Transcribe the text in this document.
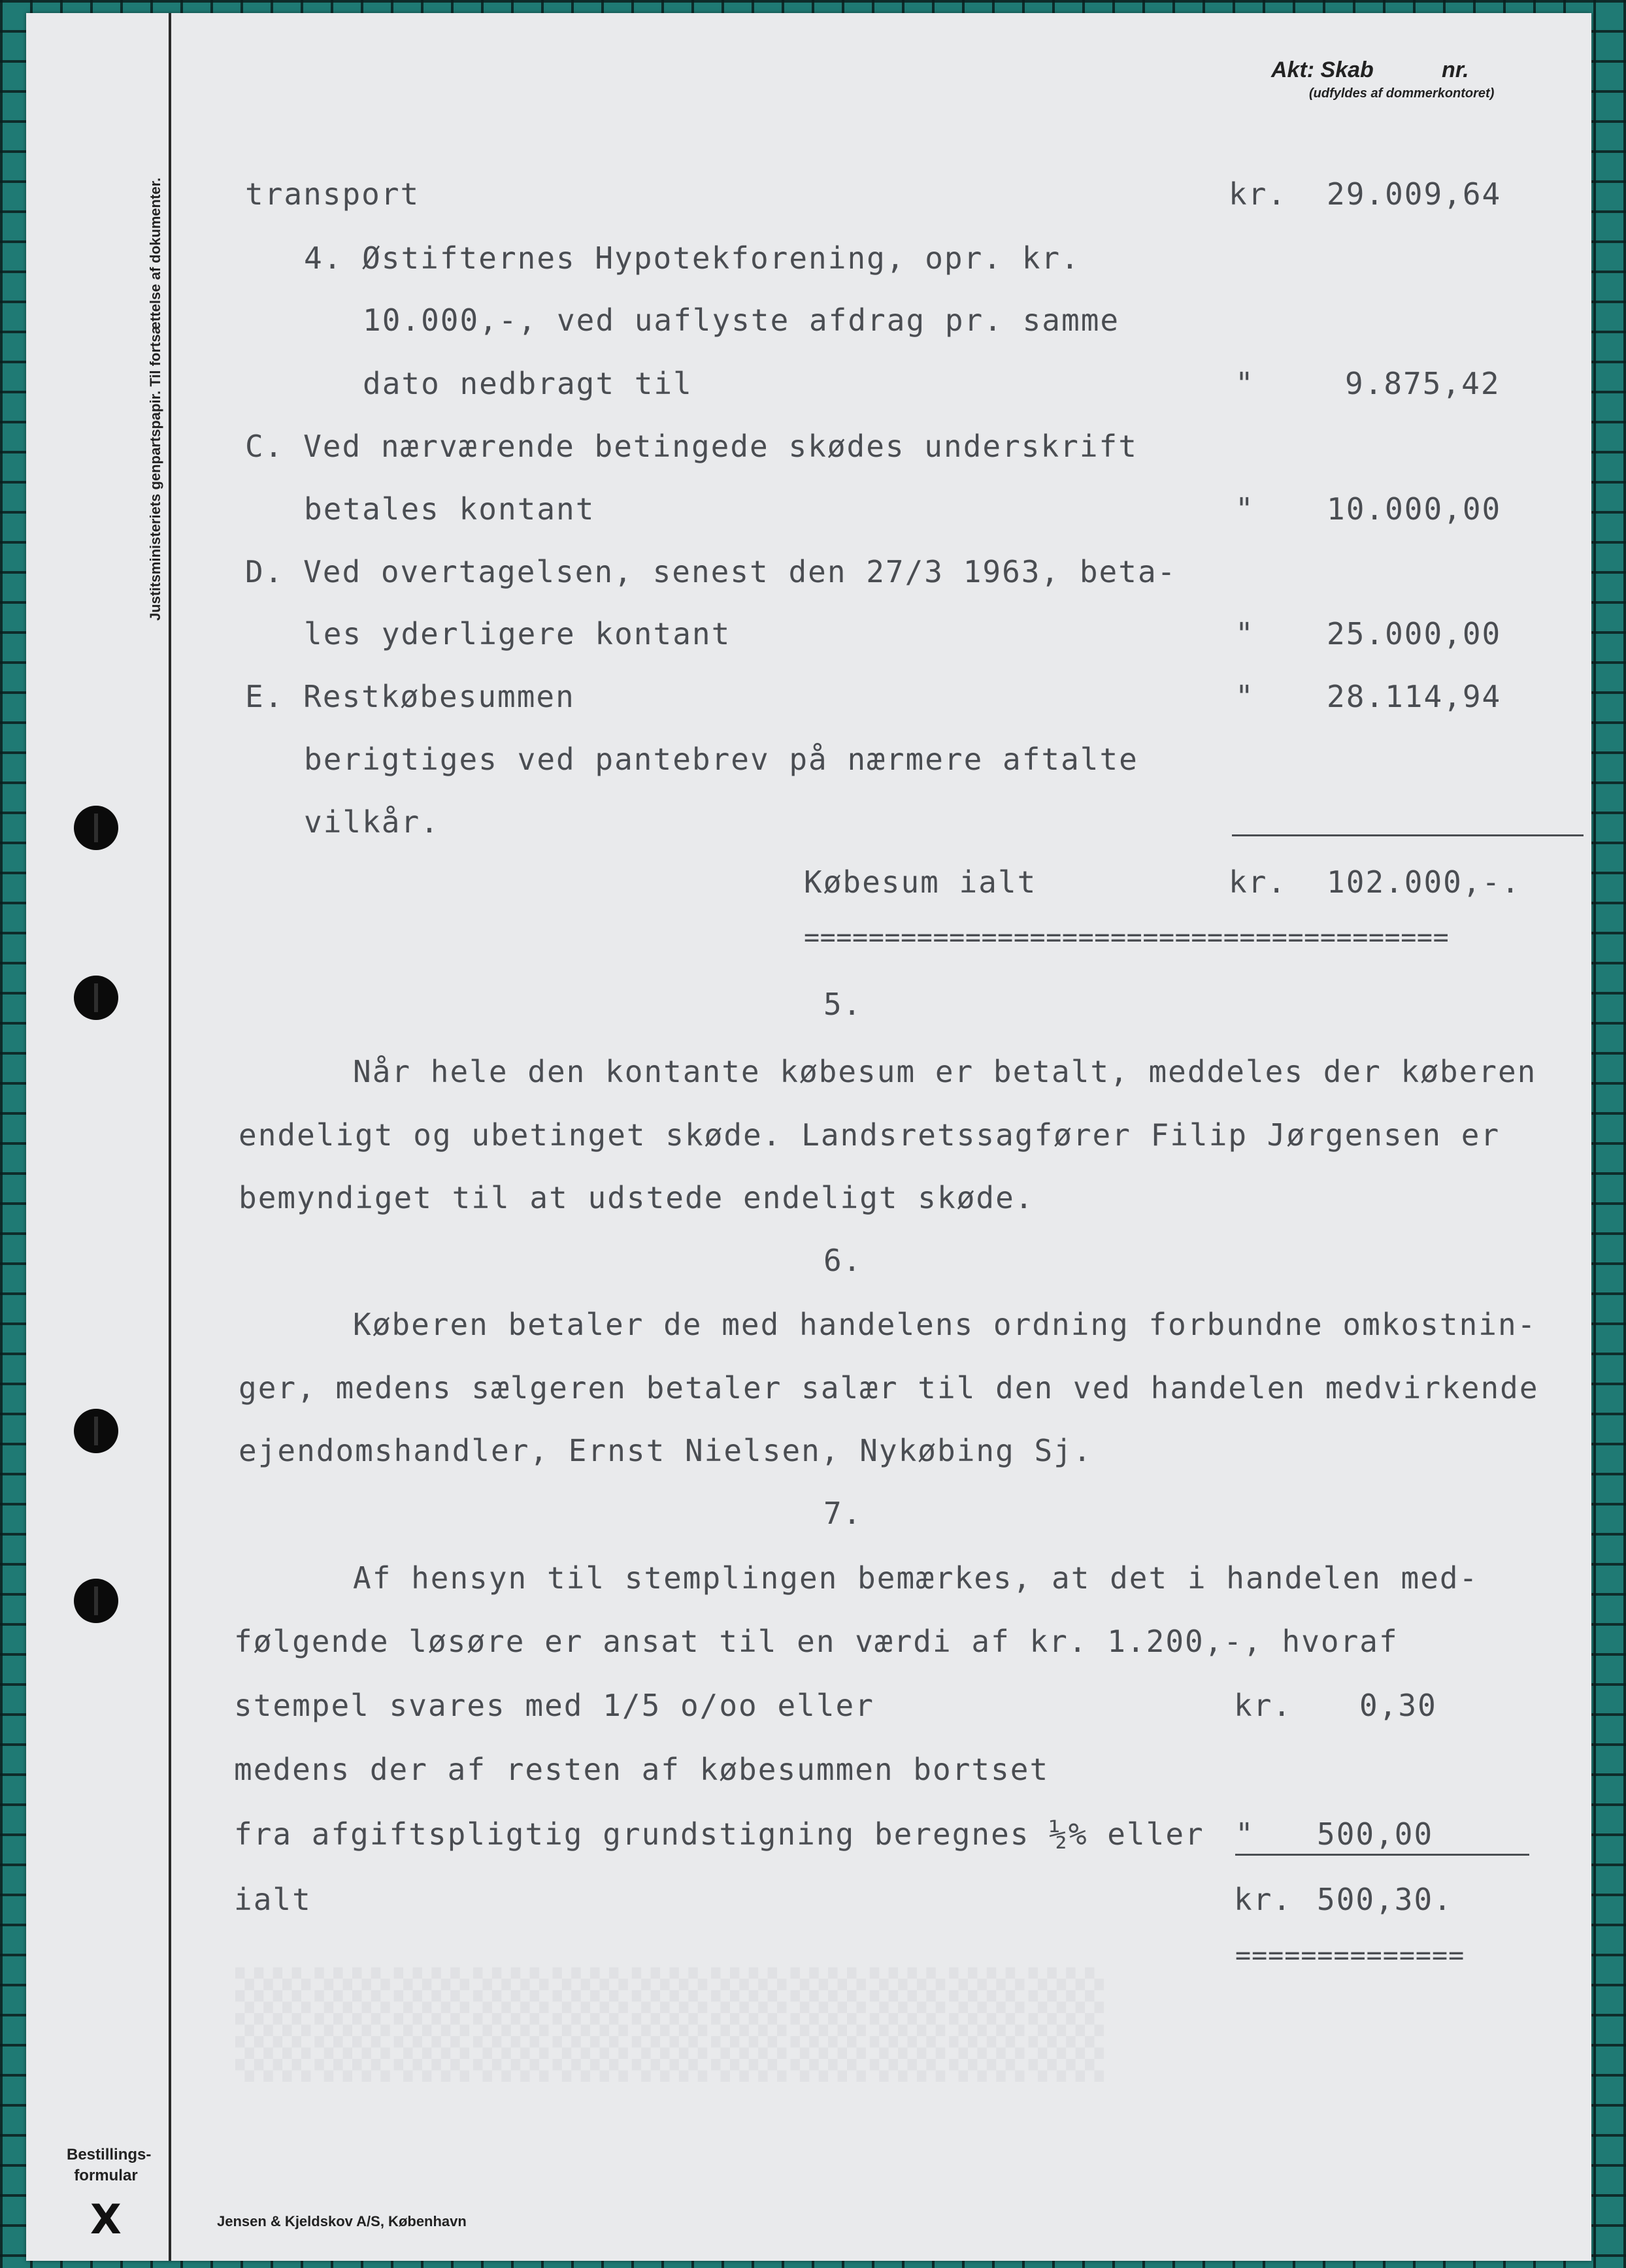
Justitsministeriets genpartspapir. Til fortsættelse af dokumenter.
Bestillings-
formular
X	Jensen & Kjeldskov A/S, København
Akt: Skab	nr.
(udfyldes af dommerkontoret)
▒▒▒▒▒▒▒▒▒▒▒
transport	kr. 29.009,64
4. Østifternes Hypotekforening, opr. kr.
10.000,-, ved uaflyste afdrag pr. samme
dato nedbragt til	"	9.875,42
C. Ved nærværende betingede skødes underskrift
betales kontant	" 10.000,00
D. Ved overtagelsen, senest den 27/3 1963, beta-
les yderligere kontant	" 25.000,00
E. Restkøbesummen	" 28.114,94
berigtiges ved pantebrev på nærmere aftalte
vilkår.
Købesum ialt	kr. 102.000,-.
========================================
5.
Når hele den kontante købesum er betalt, meddeles der køberen
endeligt og ubetinget skøde. Landsretssagfører Filip Jørgensen er
bemyndiget til at udstede endeligt skøde.
6.
Køberen betaler de med handelens ordning forbundne omkostnin-
ger, medens sælgeren betaler salær til den ved handelen medvirkende
ejendomshandler, Ernst Nielsen, Nykøbing Sj.
7.
Af hensyn til stemplingen bemærkes, at det i handelen med-
følgende løsøre er ansat til en værdi af kr. 1.200,-, hvoraf
stempel svares med 1/5 o/oo eller	kr. 0,30
medens der af resten af købesummen bortset
fra afgiftspligtig grundstigning beregnes ½% eller " 500,00
ialt	kr. 500,30.
==============
